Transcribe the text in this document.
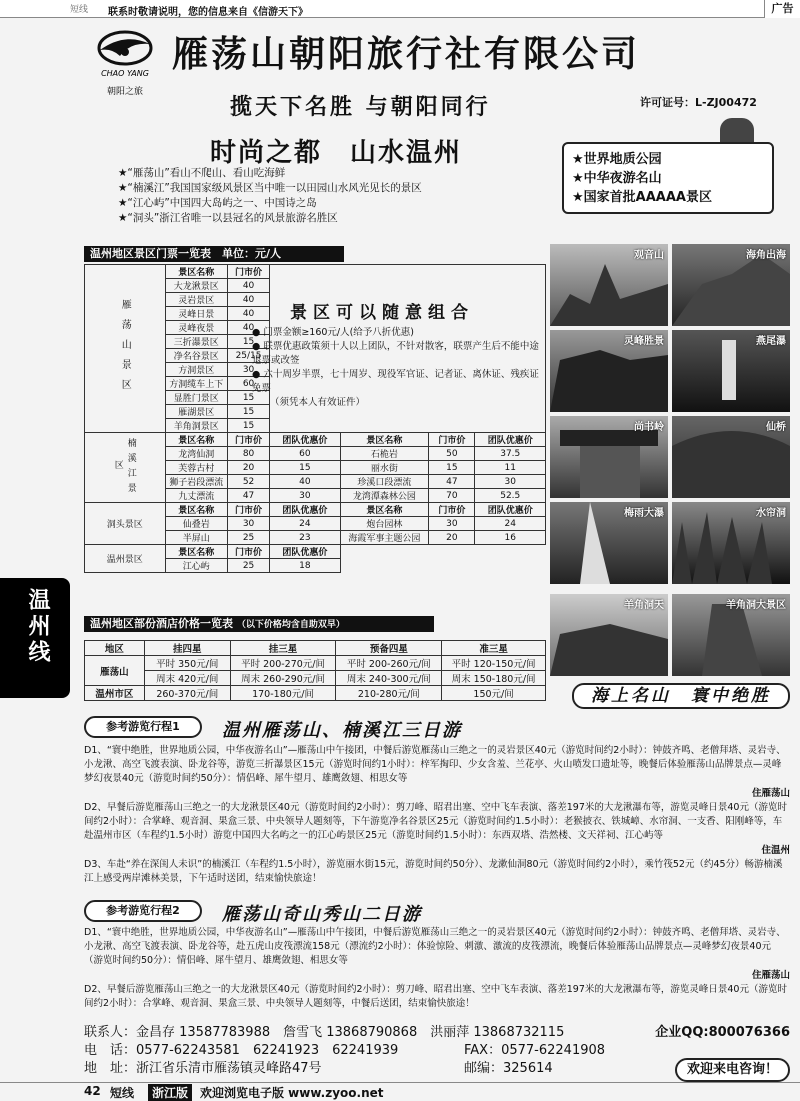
短线 联系时敬请说明，您的信息来自《信游天下》	广告
温州线
CHAO YANG
朝阳之旅
雁荡山朝阳旅行社有限公司
揽天下名胜 与朝阳同行	许可证号：L-ZJ00472
时尚之都　山水温州
★“雁荡山”看山不爬山、看山吃海鲜
★“楠溪江”我国国家级风景区当中唯一以田园山水风光见长的景区
★“江心屿”中国四大岛屿之一、中国诗之岛
★“洞头”浙江省唯一以县冠名的风景旅游名胜区
★世界地质公园
★中华夜游名山
★国家首批AAAAA景区
温州地区景区门票一览表　 单位：元/人
雁荡山景区	景区名称	门市价				
	大龙湫景区	40				
	灵岩景区	40				
	灵峰日景	40				
	灵峰夜景	40				
	三折瀑景区	15				
	净名谷景区	25/15				
	方洞景区	30				
	方洞缆车上下	60				
	显胜门景区	15				
	雁湖景区	15				
	羊角洞景区	15				
楠溪江景区	景区名称	门市价	团队优惠价	景区名称	门市价	团队优惠价
	龙湾仙洞	80	60	石桅岩	50	37.5
	芙蓉古村	20	15	丽水街	15	11
	狮子岩段漂流	52	40	珍溪口段漂流	47	30
	九丈漂流	47	30	龙湾潭森林公园	70	52.5
洞头景区	景区名称	门市价	团队优惠价	景区名称	门市价	团队优惠价
	仙叠岩	30	24	炮台园林	30	24
	半屏山	25	23	海霞军事主题公园	20	16
温州景区	景区名称	门市价	团队优惠价			
	江心屿	25	18			
景区可以随意组合
● 门票金额≥160元/人(给予八折优惠)
● 联票优惠政策须十人以上团队，不针对散客，联票产生后不能中途退票或改签
● 六十周岁半票，七十周岁、现役军官证、记者证、离休证、残疾证免票
（须凭本人有效证件）
观音山	海角出海
灵峰胜景	燕尾瀑
尚书岭	仙桥
梅雨大瀑	水帘洞
羊角洞天	羊角洞大景区
温州地区部份酒店价格一览表 （以下价格均含自助双早）
地区	挂四星	挂三星	预备四星	准三星
雁荡山	平时 350元/间	平时 200-270元/间	平时 200-260元/间	平时 120-150元/间
	周末 420元/间	周末 260-290元/间	周末 240-300元/间	周末 150-180元/间
温州市区	260-370元/间	170-180元/间	210-280元/间	150元/间	海上名山　寰中绝胜
参考游览行程1	温州雁荡山、楠溪江三日游

D1、“寰中绝胜，世界地质公园，中华夜游名山”—雁荡山中午接团，中餐后游览雁荡山三绝之一的灵岩景区40元（游览时间约2小时）：钟鼓齐鸣、老僧拜塔、灵岩寺、小龙湫、高空飞渡表演、卧龙谷等，游览三折瀑景区15元（游览时间约1小时）：梓军掏印、少女含羞、兰花亭、火山喷发口遗址等，晚餐后体验雁荡山品牌景点—灵峰梦幻夜景40元（游览时间约50分）：情侣峰、犀牛望月、雄鹰敛翅、相思女等

住雁荡山

D2、早餐后游览雁荡山三绝之一的大龙湫景区40元（游览时间约2小时）：剪刀峰、昭君出塞、空中飞车表演、落差197米的大龙湫瀑布等，游览灵峰日景40元（游览时间约2小时）：合掌峰、观音洞、果盒三景、中央领导人题刻等，下午游览净名谷景区25元（游览时间约1.5小时）：老猴披衣、铁城嶂、水帘洞、一支香、阳刚峰等，车赴温州市区（车程约1.5小时）游览中国四大名屿之一的江心屿景区25元（游览时间约1.5小时）：东西双塔、浩然楼、文天祥祠、江心屿等

住温州

D3、车赴“养在深闺人未识”的楠溪江（车程约1.5小时），游览丽水街15元，游览时间约50分）、龙漱仙洞80元（游览时间约2小时），乘竹筏52元（约45分）畅游楠溪江上感受两岸滩林美景，下午适时送团，结束愉快旅途！

参考游览行程2	雁荡山奇山秀山二日游

D1、“寰中绝胜，世界地质公园，中华夜游名山”—雁荡山中午接团，中餐后游览雁荡山三绝之一的灵岩景区40元（游览时间约2小时）：钟鼓齐鸣、老僧拜塔、灵岩寺、小龙湫、高空飞渡表演、卧龙谷等，赴五虎山皮筏漂流158元（漂流约2小时）：体验惊险、刺激、激流的皮筏漂流，晚餐后体验雁荡山品牌景点—灵峰梦幻夜景40元（游览时间约50分）：情侣峰、犀牛望月、雄鹰敛翅、相思女等

住雁荡山

D2、早餐后游览雁荡山三绝之一的大龙湫景区40元（游览时间约2小时）：剪刀峰、昭君出塞、空中飞车表演、落差197米的大龙湫瀑布等，游览灵峰日景40元（游览时间约2小时）：合掌峰、观音洞、果盒三景、中央领导人题刻等，中餐后送团，结束愉快旅途！

联系人：金昌存 13587783988　詹雪飞 13868790868　洪丽萍 13868732115	企业QQ:800076366
电　话：0577-62243581　62241923　62241939	FAX：0577-62241908
地　址：浙江省乐清市雁荡镇灵峰路47号	邮编：325614	欢迎来电咨询！
42 短线	浙江版 欢迎浏览电子版 www.zyoo.net
